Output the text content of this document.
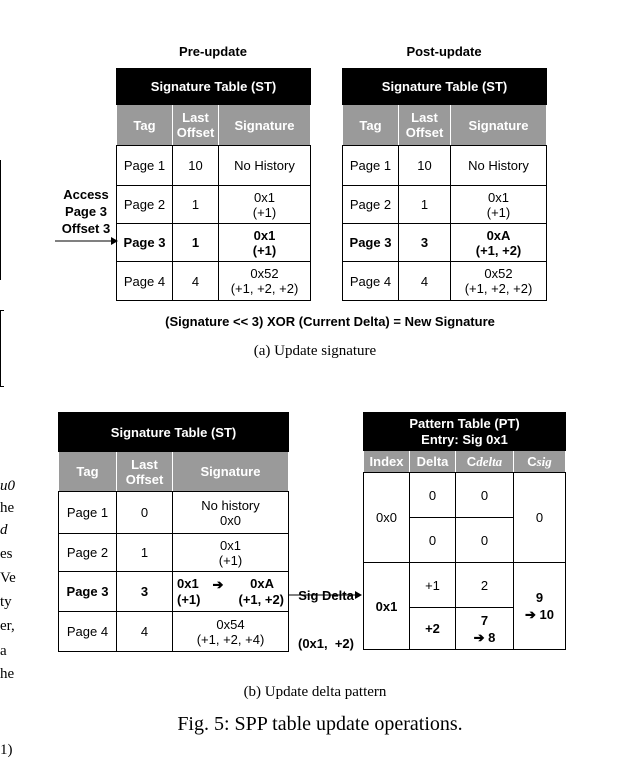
u0
he
d
es
Ve
ty
er,
a
he
1)
Pre-update	Post-update
Access
Page 3
Offset 3
Signature Table (ST)		
Tag	Last Offset	Signature
Page 1	10	No History
Page 2	1	0x1
(+1)

Page 3	1	0x1
(+1)

Page 4	4	0x52
(+1, +2, +2)
Signature Table (ST)		
Tag	Last Offset	Signature
Page 1	10	No History
Page 2	1	0x1
(+1)

Page 3	3	0xA
(+1, +2)

Page 4	4	0x52
(+1, +2, +2)
(Signature << 3) XOR (Current Delta) = New Signature
(a) Update signature
Signature Table (ST)		
Tag	Last Offset	Signature
Page 1	0	No history
0x0

Page 2	1	0x1
(+1)

Page 3	3	0x1
(+1)
➔ 0xA
(+1, +2)

Page 4	4	0x54
(+1, +2, +4)

Sig Delta

(0x1,  +2)

Pattern Table (PT)
Entry: Sig 0x1			

Index	Delta	Cdelta	Csig
0x0	0	0	0
	0	0	
0x1	+1	2	9
➔ 10

	+2	7
➔ 8	
(b) Update delta pattern
Fig. 5: SPP table update operations.
